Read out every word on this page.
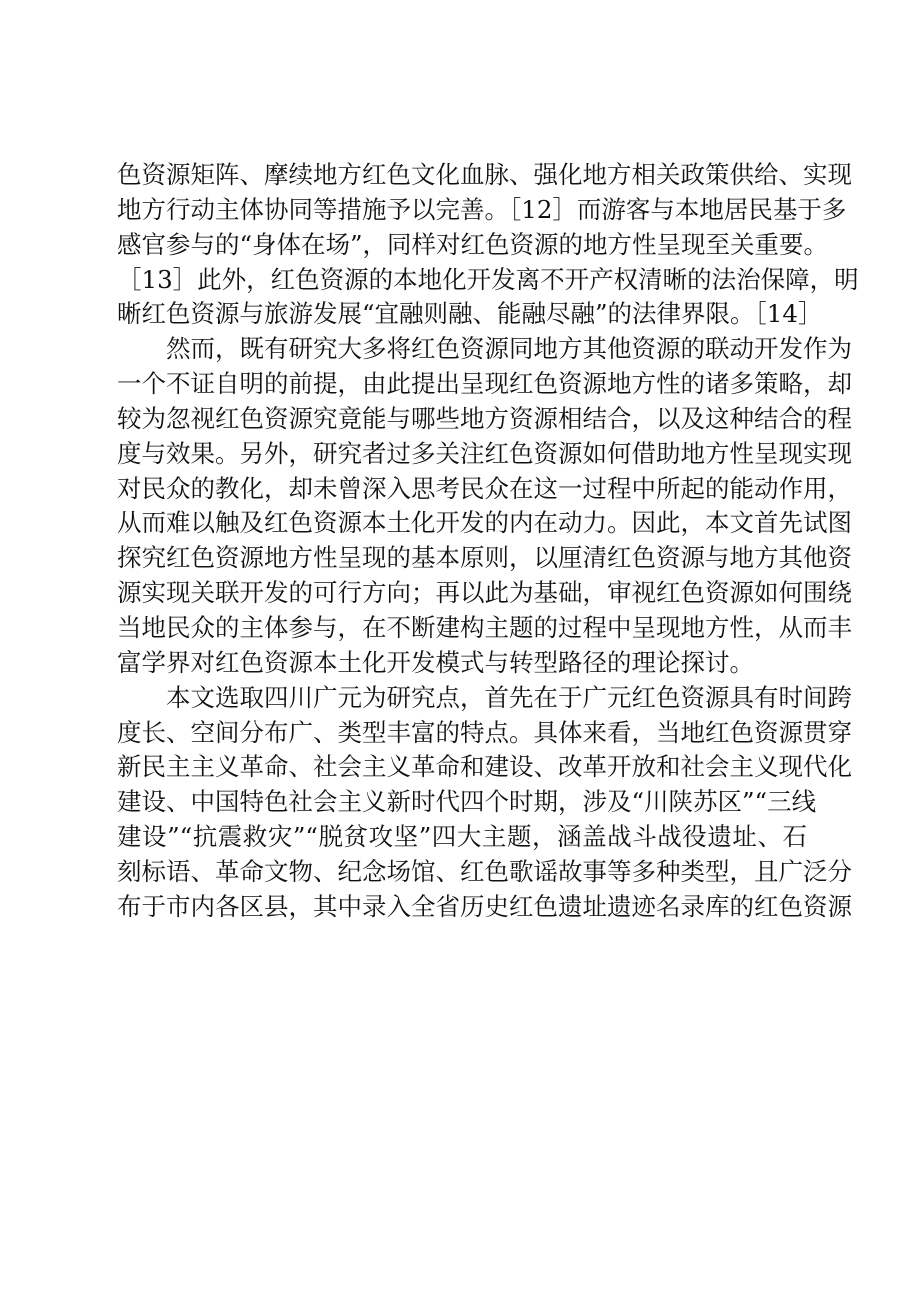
色资源矩阵、摩续地方红色文化血脉、强化地方相关政策供给、实现
地方行动主体协同等措施予以完善。［12］而游客与本地居民基于多
感官参与的“身体在场”，同样对红色资源的地方性呈现至关重要。
［13］此外，红色资源的本地化开发离不开产权清晰的法治保障，明
晰红色资源与旅游发展“宜融则融、能融尽融”的法律界限。［14］
然而，既有研究大多将红色资源同地方其他资源的联动开发作为
一个不证自明的前提，由此提出呈现红色资源地方性的诸多策略，却
较为忽视红色资源究竟能与哪些地方资源相结合，以及这种结合的程
度与效果。另外，研究者过多关注红色资源如何借助地方性呈现实现
对民众的教化，却未曾深入思考民众在这一过程中所起的能动作用，
从而难以触及红色资源本土化开发的内在动力。因此，本文首先试图
探究红色资源地方性呈现的基本原则，以厘清红色资源与地方其他资
源实现关联开发的可行方向；再以此为基础，审视红色资源如何围绕
当地民众的主体参与，在不断建构主题的过程中呈现地方性，从而丰
富学界对红色资源本土化开发模式与转型路径的理论探讨。
本文选取四川广元为研究点，首先在于广元红色资源具有时间跨
度长、空间分布广、类型丰富的特点。具体来看，当地红色资源贯穿
新民主主义革命、社会主义革命和建设、改革开放和社会主义现代化
建设、中国特色社会主义新时代四个时期，涉及“川陕苏区”“三线
建设”“抗震救灾”“脱贫攻坚”四大主题，涵盖战斗战役遗址、石
刻标语、革命文物、纪念场馆、红色歌谣故事等多种类型，且广泛分
布于市内各区县，其中录入全省历史红色遗址遗迹名录库的红色资源
